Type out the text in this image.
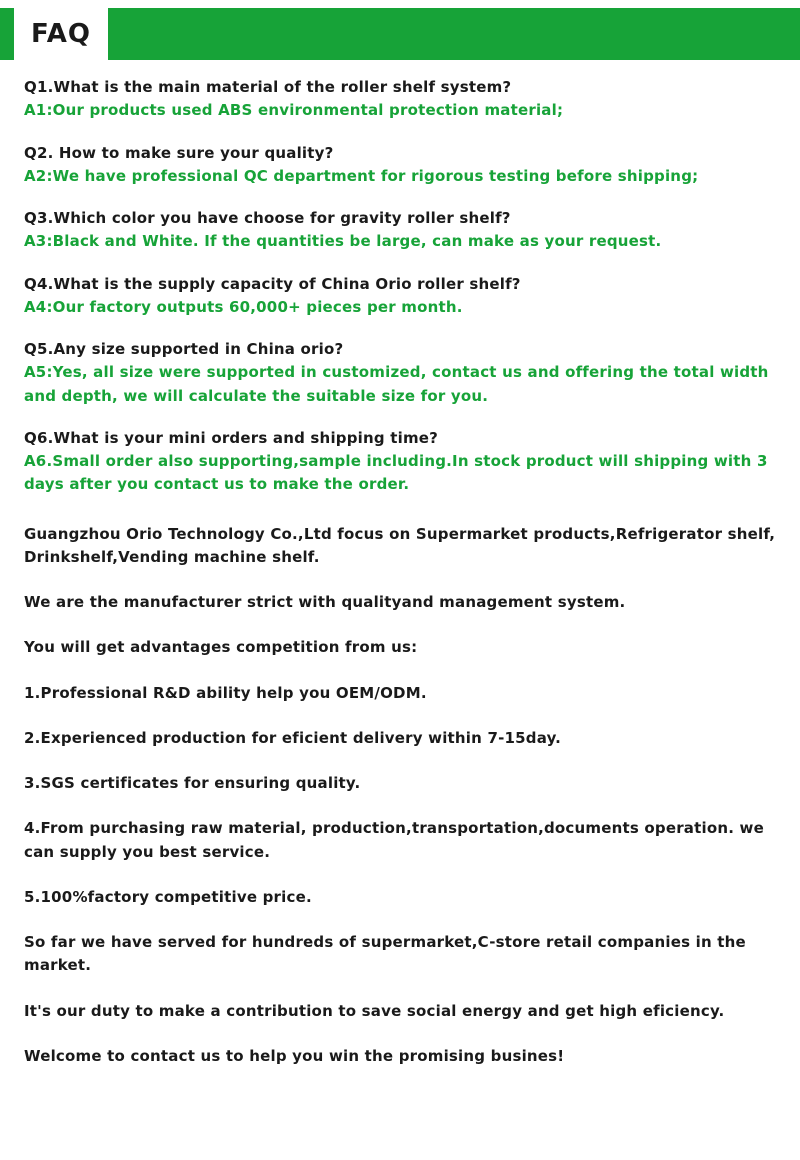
FAQ
Q1.What is the main material of the roller shelf system?
A1:Our products used ABS environmental protection material;
Q2. How to make sure your quality?
A2:We have professional QC department for rigorous testing before shipping;
Q3.Which color you have choose for gravity roller shelf?
A3:Black and White. If the quantities be large, can make as your request.
Q4.What is the supply capacity of China Orio roller shelf?
A4:Our factory outputs 60,000+ pieces per month.
Q5.Any size supported in China orio?
A5:Yes, all size were supported in customized, contact us and offering the total width and depth, we will calculate the suitable size for you.
Q6.What is your mini orders and shipping time?
A6.Small order also supporting,sample including.In stock product will shipping with 3 days after you contact us to make the order.
Guangzhou Orio Technology Co.,Ltd focus on Supermarket products,Refrigerator shelf, Drinkshelf,Vending machine shelf.
We are the manufacturer strict with qualityand management system.
You will get advantages competition from us:
1.Professional R&D ability help you OEM/ODM.
2.Experienced production for eficient delivery within 7-15day.
3.SGS certificates for ensuring quality.
4.From purchasing raw material, production,transportation,documents operation. we can supply you best service.
5.100%factory competitive price.
So far we have served for hundreds of supermarket,C-store retail companies in the market.
It's our duty to make a contribution to save social energy and get high eficiency.
Welcome to contact us to help you win the promising busines!
